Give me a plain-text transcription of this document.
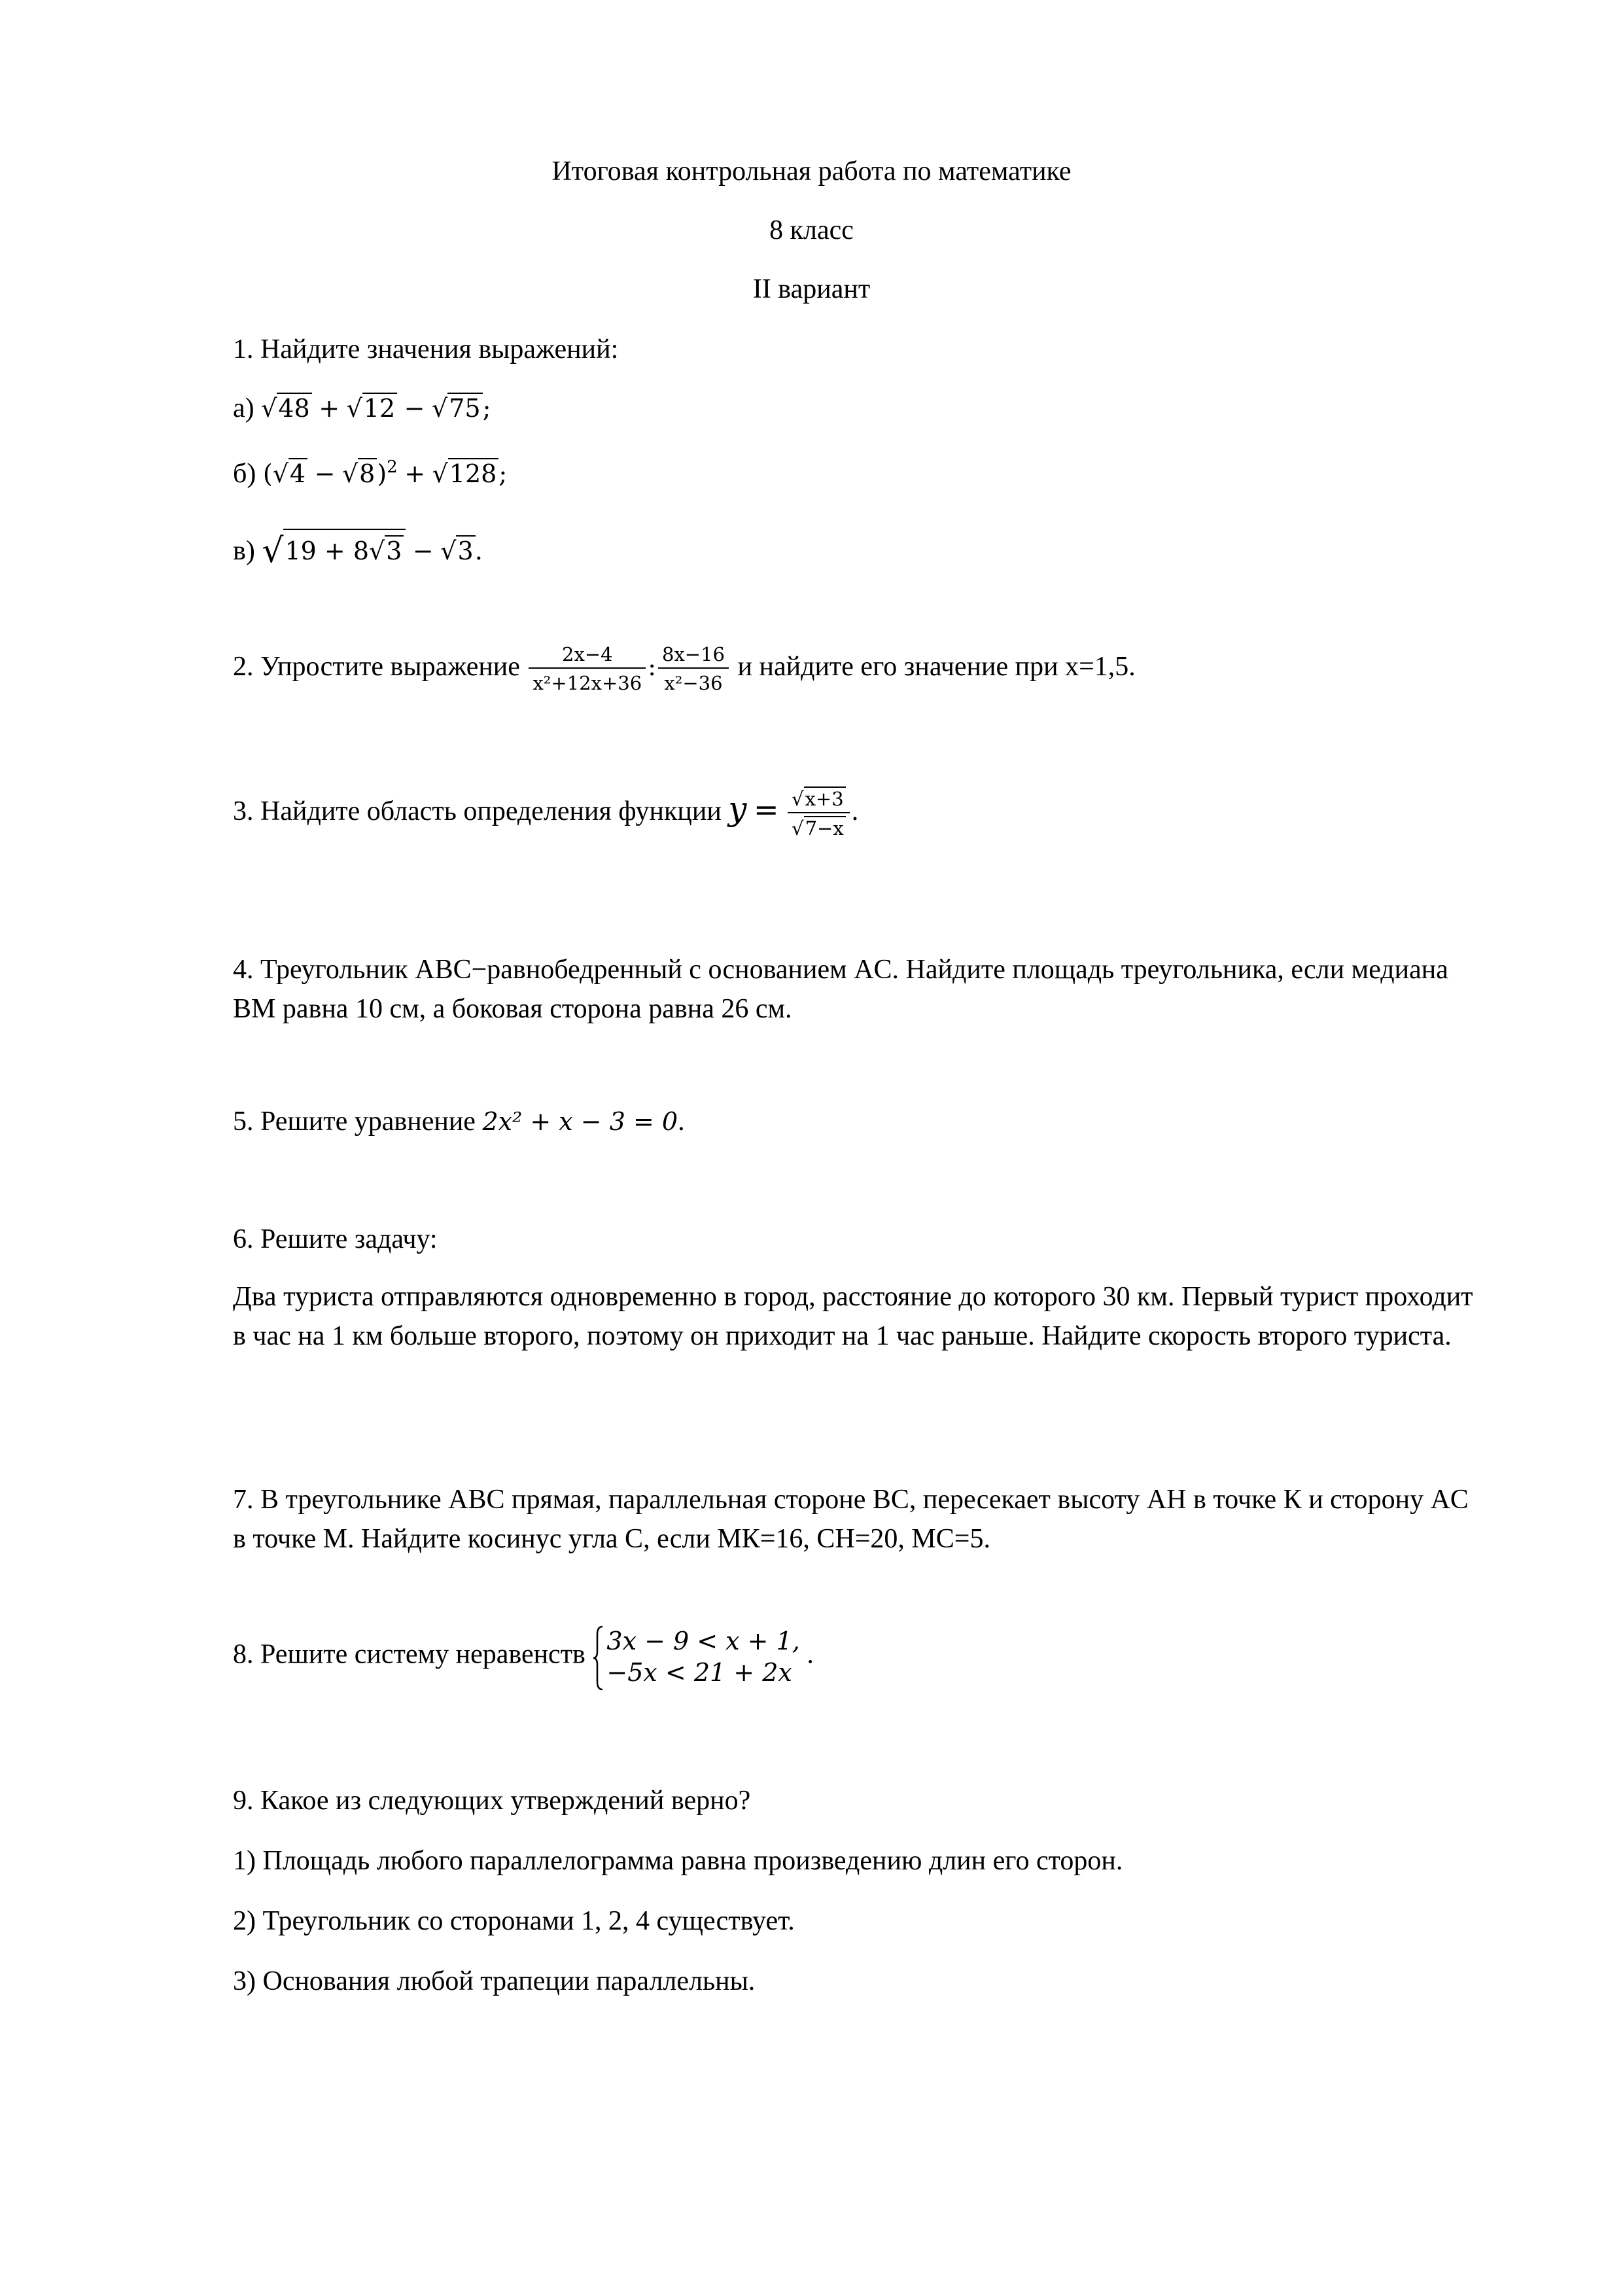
Итоговая контрольная работа по математике
8 класс
II вариант
1. Найдите значения выражений:
а) √48 + √12 − √75;
б) $(√4 - √8)^2 + √128$;
в) √19 + 8√3 − √3.
2. Упростите выражение $\frac{2x-4}{\text{x²+12x+36}}$ : $\frac{8x-16}{\text{x²−36}}$ и найдите его значение при х=1,5.
3. Найдите область определения функции $y = \frac{√x+3}{√7-x}$ .
4. Треугольник ABC−равнобедренный с основанием AC. Найдите площадь треугольника, если медиана BM равна 10 см, а боковая сторона равна 26 см.
5. Решите уравнение 2x² + x − 3 = 0.
6. Решите задачу:
Два туриста отправляются одновременно в город, расстояние до которого 30 км. Первый турист проходит в час на 1 км больше второго, поэтому он приходит на 1 час раньше. Найдите скорость второго туриста.
7. В треугольнике ABC прямая, параллельная стороне BC, пересекает высоту AH в точке К и сторону AC в точке М. Найдите косинус угла С, если МК=16, СН=20, МС=5.
8. Решите систему неравенств 3x − 9 < x + 1,
−5x < 21 + 2x
.
9. Какое из следующих утверждений верно?
1) Площадь любого параллелограмма равна произведению длин его сторон.
2) Треугольник со сторонами 1, 2, 4 существует.
3) Основания любой трапеции параллельны.
